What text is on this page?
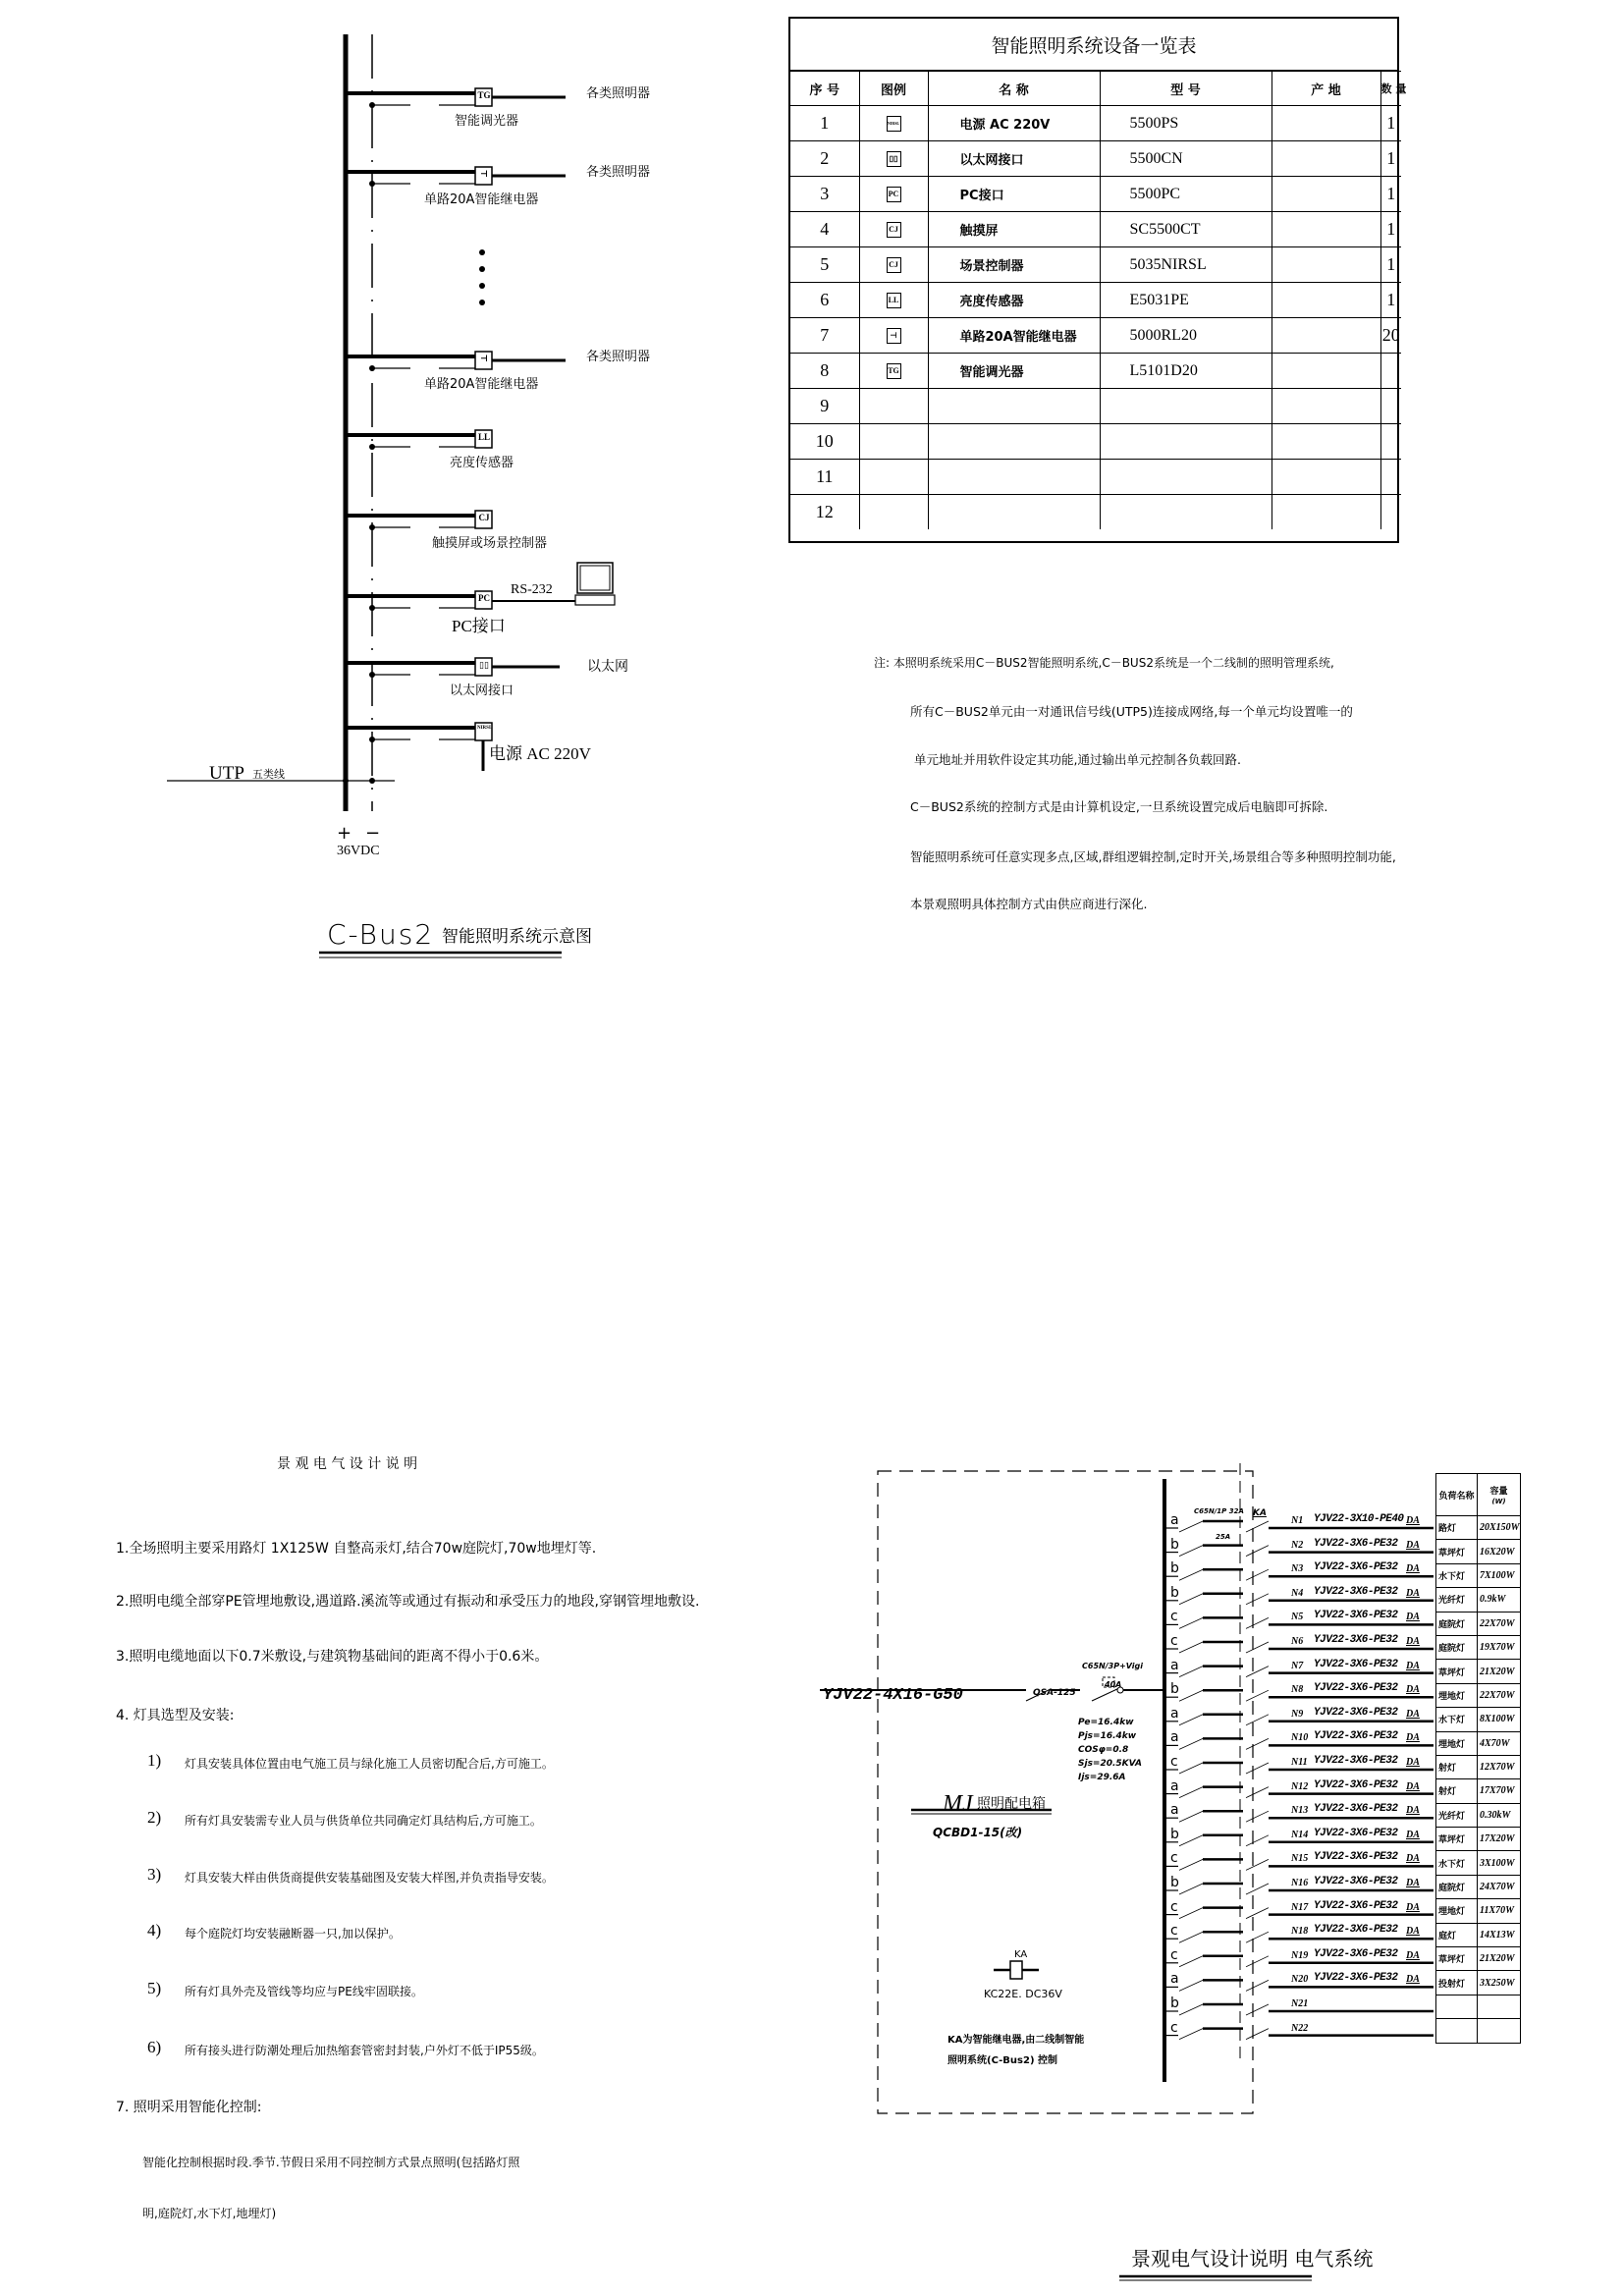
TG
智能调光器
各类照明器
⊣
单路20A智能继电器
各类照明器
⊣
单路20A智能继电器
各类照明器
LL
亮度传感器
CJ
触摸屏或场景控制器
PC
PC接口
▯▯
以太网接口
NIRSL
电源 AC 220V
RS-232
以太网
UTP 五类线
+ −
36VDC
C-Bus2 智能照明系统示意图
智能照明系统设备一览表
序 号	图例	名 称	型 号	产 地	数 量
1	NIRSL	电源 AC 220V	5500PS		1
2	▯▯	以太网接口	5500CN		1
3	PC	PC接口	5500PC		1
4	CJ	触摸屏	SC5500CT		1
5	CJ	场景控制器	5035NIRSL		1
6	LL	亮度传感器	E5031PE		1
7	⊣	单路20A智能继电器	5000RL20		20
8	TG	智能调光器	L5101D20		
9					
10					
11					
12					
注: 本照明系统采用C－BUS2智能照明系统,C－BUS2系统是一个二线制的照明管理系统,
所有C－BUS2单元由一对通讯信号线(UTP5)连接成网络,每一个单元均设置唯一的
单元地址并用软件设定其功能,通过输出单元控制各负载回路.
C－BUS2系统的控制方式是由计算机设定,一旦系统设置完成后电脑即可拆除.
智能照明系统可任意实现多点,区域,群组逻辑控制,定时开关,场景组合等多种照明控制功能,
本景观照明具体控制方式由供应商进行深化.
景 观 电 气 设 计 说 明
1.全场照明主要采用路灯 1X125W 自整高汞灯,结合70w庭院灯,70w地埋灯等.
2.照明电缆全部穿PE管埋地敷设,遇道路.溪流等或通过有振动和承受压力的地段,穿钢管埋地敷设.
3.照明电缆地面以下0.7米敷设,与建筑物基础间的距离不得小于0.6米。
4. 灯具选型及安装:
1) 灯具安装具体位置由电气施工员与绿化施工人员密切配合后,方可施工。
2) 所有灯具安装需专业人员与供货单位共同确定灯具结构后,方可施工。
3) 灯具安装大样由供货商提供安装基础图及安装大样图,并负责指导安装。
4) 每个庭院灯均安装融断器一只,加以保护。
5) 所有灯具外壳及管线等均应与PE线牢固联接。
6) 所有接头进行防潮处理后加热缩套管密封封装,户外灯不低于IP55级。
7. 照明采用智能化控制:
智能化控制根据时段.季节.节假日采用不同控制方式景点照明(包括路灯照
明,庭院灯,水下灯,地埋灯)
YJV22-4X16-G50	QSA-125
C65N/3P+Vigi
40A
Pe=16.4kw
Pjs=16.4kw
COSφ=0.8
Sjs=20.5KVA
Ijs=29.6A
MJ 照明配电箱
QCBD1-15(改)
KA
KC22E. DC36V
KA为智能继电器,由二线制智能
照明系统(C-Bus2) 控制
C65N/1P 32A
25A
KA
a	N1 YJV22-3X10-PE40 DA
b	N2 YJV22-3X6-PE32 DA
b	N3 YJV22-3X6-PE32 DA
b	N4 YJV22-3X6-PE32 DA
c	N5 YJV22-3X6-PE32 DA
c	N6 YJV22-3X6-PE32 DA
a	N7 YJV22-3X6-PE32 DA
b	N8 YJV22-3X6-PE32 DA
a	N9 YJV22-3X6-PE32 DA
a	N10 YJV22-3X6-PE32 DA
c	N11 YJV22-3X6-PE32 DA
a	N12 YJV22-3X6-PE32 DA
a	N13 YJV22-3X6-PE32 DA
b	N14 YJV22-3X6-PE32 DA
c	N15 YJV22-3X6-PE32 DA
b	N16 YJV22-3X6-PE32 DA
c	N17 YJV22-3X6-PE32 DA
c	N18 YJV22-3X6-PE32 DA
c	N19 YJV22-3X6-PE32 DA
a	N20 YJV22-3X6-PE32 DA
b	N21
c	N22
负荷名称	容量
(W)
路灯	20X150W
草坪灯	16X20W
水下灯	7X100W
光纤灯	0.9kW
庭院灯	22X70W
庭院灯	19X70W
草坪灯	21X20W
埋地灯	22X70W
水下灯	8X100W
埋地灯	4X70W
射灯	12X70W
射灯	17X70W
光纤灯	0.30kW
草坪灯	17X20W
水下灯	3X100W
庭院灯	24X70W
埋地灯	11X70W
庭灯	14X13W
草坪灯	21X20W
投射灯	3X250W

景观电气设计说明 电气系统
